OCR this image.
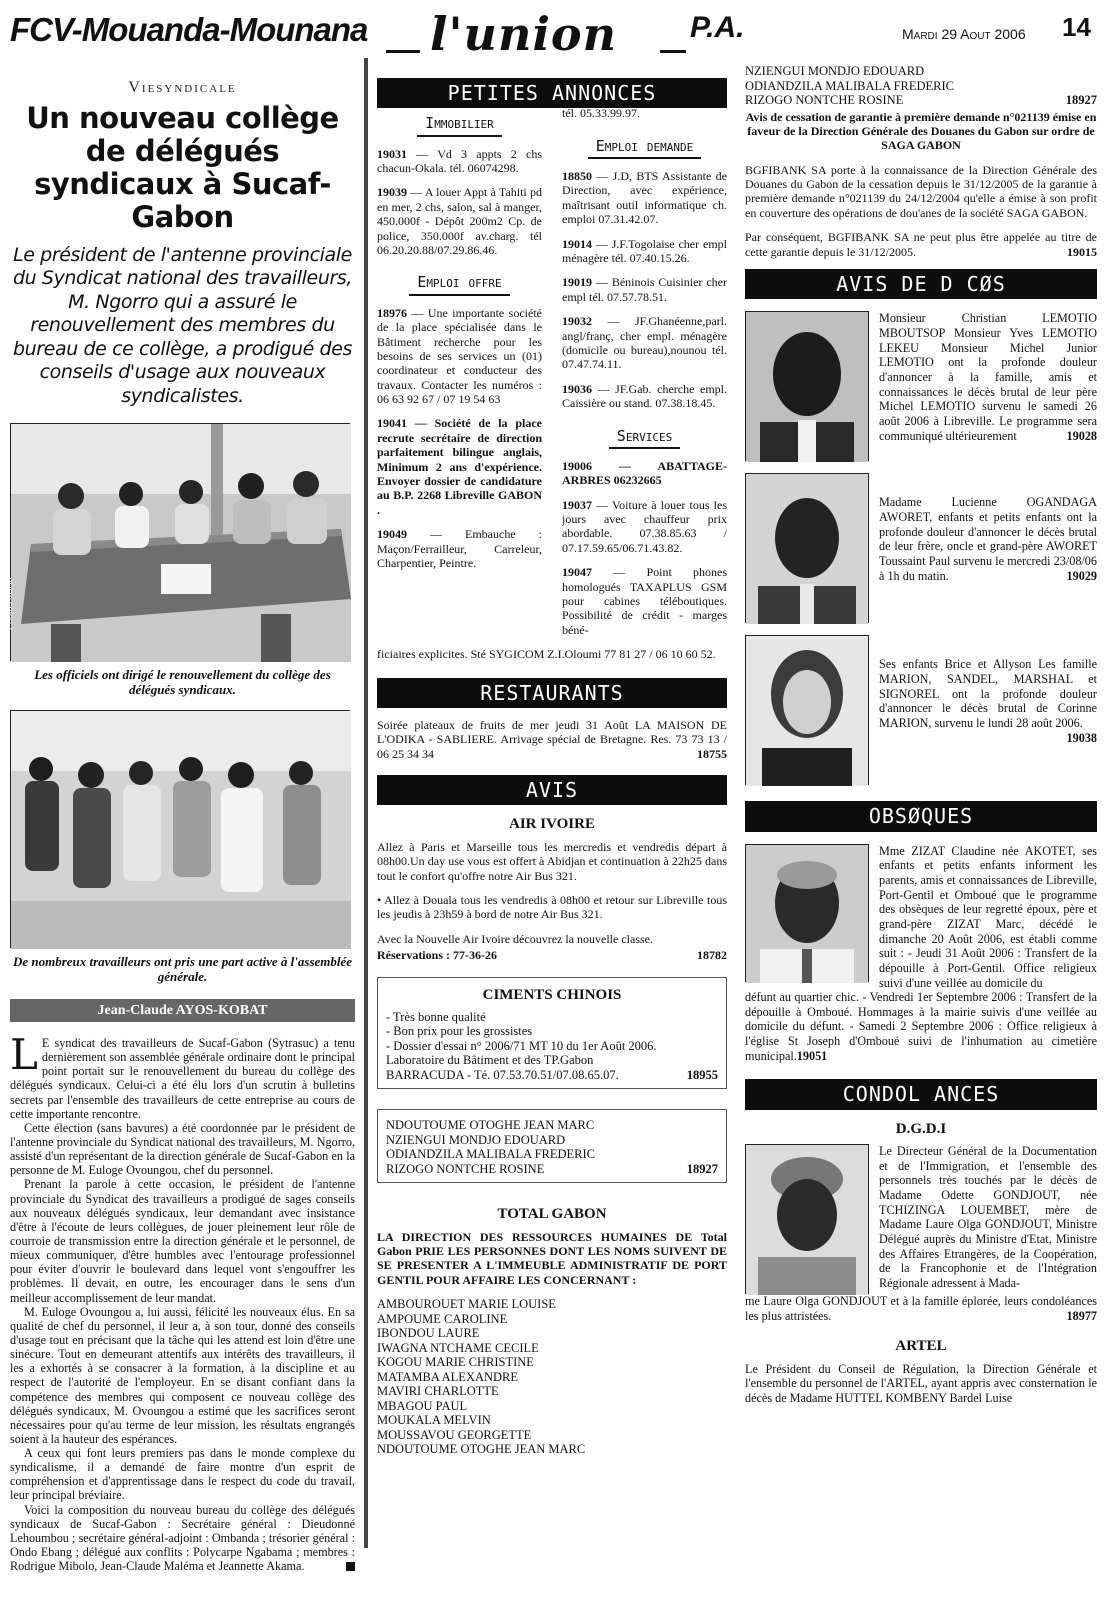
FCV-Mouanda-Mounana l'union P.A.	Mardi 29 Aout 2006 14
Viesyndicale
Un nouveau collège de délégués syndicaux à Sucaf-Gabon
Le président de l'antenne provinciale du Syndicat national des travailleurs, M. Ngorro qui a assuré le renouvellement des membres du bureau de ce collège, a prodigué des conseils d'usage aux nouveaux syndicalistes.
Photos JCAK
Les officiels ont dirigé le renouvellement du collège des délégués syndicaux.
De nombreux travailleurs ont pris une part active à l'assemblée générale.
Jean-Claude AYOS-KOBAT

L E syndicat des travailleurs de Sucaf-Gabon (Sytrasuc) a tenu dernièrement son assemblée générale ordinaire dont le principal point portait sur le renouvellement du bureau du collège des délégués syndicaux. Celui-ci a été élu lors d'un scrutin à bulletins secrets par l'ensemble des travailleurs de cette entreprise au cours de cette importante rencontre.

Cette élection (sans bavures) a été coordonnée par le président de l'antenne provinciale du Syndicat national des travailleurs, M. Ngorro, assisté d'un représentant de la direction générale de Sucaf-Gabon en la personne de M. Euloge Ovoungou, chef du personnel.

Prenant la parole à cette occasion, le président de l'antenne provinciale du Syndicat des travailleurs a prodigué de sages conseils aux nouveaux délégués syndicaux, leur demandant avec insistance d'être à l'écoute de leurs collègues, de jouer pleinement leur rôle de courroie de transmission entre la direction générale et le personnel, de mieux communiquer, d'être humbles avec l'entourage professionnel pour éviter d'ouvrir le boulevard dans lequel vont s'engouffrer les problèmes. Il devait, en outre, les encourager dans le sens d'un meilleur accomplissement de leur mandat.

M. Euloge Ovoungou a, lui aussi, félicité les nouveaux élus. En sa qualité de chef du personnel, il leur a, à son tour, donné des conseils d'usage tout en précisant que la tâche qui les attend est loin d'être une sinécure. Tout en demeurant attentifs aux intérêts des travailleurs, il les a exhortés à se consacrer à la formation, à la discipline et au respect de l'autorité de l'employeur. En se disant confiant dans la compétence des membres qui composent ce nouveau collège des délégués syndicaux, M. Ovoungou a estimé que les sacrifices seront nécessaires pour qu'au terme de leur mission, les résultats engrangés soient à la hauteur des espérances.

A ceux qui font leurs premiers pas dans le monde complexe du syndicalisme, il a demandé de faire montre d'un esprit de compréhension et d'apprentissage dans le respect du code du travail, leur principal bréviaire.

Voici la composition du nouveau bureau du collège des délégués syndicaux de Sucaf-Gabon : Secrétaire général : Dieudonné Lehoumbou ; secrétaire général-adjoint : Ombanda ; trésorier général : Ondo Ebang ; délégué aux conflits : Polycarpe Ngabama ; membres : Rodrigue Mibolo, Jean-Claude Maléma et Jeannette Akama.

PETITES ANNONCES
Immobilier
19031 — Vd 3 appts 2 chs chacun-Okala. tél. 06074298.
19039 — A louer Appt à Tahiti pd en mer, 2 chs, salon, sal à manger, 450.000f - Dépôt 200m2 Cp. de police, 350.000f av.charg. tél 06.20.20.88/07.29.86.46.
Emploi offre
18976 — Une importante société de la place spécialisée dans le Bâtiment recherche pour les besoins de ses services un (01) coordinateur et conducteur des travaux. Contacter les numéros : 06 63 92 67 / 07 19 54 63
19041 — Société de la place recrute secrétaire de direction parfaitement bilingue anglais, Minimum 2 ans d'expérience. Envoyer dossier de candidature au B.P. 2268 Libreville GABON .
19049 — Embauche : Maçon/Ferrailleur, Carreleur, Charpentier, Peintre.
tél. 05.33.99.97.
Emploi demande
18850 — J.D, BTS Assistante de Direction, avec expérience, maîtrisant outil informatique ch. emploi 07.31.42.07.
19014 — J.F.Togolaise cher empl ménagère tél. 07.40.15.26.
19019 — Béninois Cuisinier cher empl tél. 07.57.78.51.
19032 — JF.Ghanéenne,parl. angl/franç, cher empl. ménagère (domicile ou bureau),nounou tél. 07.47.74.11.
19036 — JF.Gab. cherche empl. Caissière ou stand. 07.38.18.45.
Services
19006 — ABATTAGE-ARBRES 06232665
19037 — Voiture à louer tous les jours avec chauffeur prix abordable. 07.38.85.63 / 07.17.59.65/06.71.43.82.
19047 — Point phones homologués TAXAPLUS GSM pour cabines téléboutiques. Possibilité de crédit - marges béné-
ficiaires explicites. Sté SYGICOM Z.I.Oloumi 77 81 27 / 06 10 60 52.
RESTAURANTS
Soirée plateaux de fruits de mer jeudi 31 Août LA MAISON DE L'ODIKA - SABLIERE. Arrivage spécial de Bretagne. Res. 73 73 13 / 06 25 34 34	18755
AVIS
AIR IVOIRE
Allez à Paris et Marseille tous les mercredis et vendredis départ à 08h00.Un day use vous est offert à Abidjan et continuation à 22h25 dans tout le confort qu'offre notre Air Bus 321.
• Allez à Douala tous les vendredis à 08h00 et retour sur Libreville tous les jeudis à 23h59 à bord de notre Air Bus 321.
Avec la Nouvelle Air Ivoire découvrez la nouvelle classe.
Réservations : 77-36-26	18782
CIMENTS CHINOIS
- Très bonne qualité
- Bon prix pour les grossistes
- Dossier d'essai n° 2006/71 MT 10 du 1er Août 2006.
Laboratoire du Bâtiment et des TP.Gabon
BARRACUDA - Té. 07.53.70.51/07.08.65.07.	18955
NDOUTOUME OTOGHE JEAN MARC
NZIENGUI MONDJO EDOUARD
ODIANDZILA MALIBALA FREDERIC
RIZOGO NONTCHE ROSINE	18927
TOTAL GABON
LA DIRECTION DES RESSOURCES HUMAINES DE Total Gabon PRIE LES PERSONNES DONT LES NOMS SUIVENT DE SE PRESENTER A L'IMMEUBLE ADMINISTRATIF DE PORT GENTIL POUR AFFAIRE LES CONCERNANT :
AMBOUROUET MARIE LOUISE
AMPOUME CAROLINE
IBONDOU LAURE
IWAGNA NTCHAME CECILE
KOGOU MARIE CHRISTINE
MATAMBA ALEXANDRE
MAVIRI CHARLOTTE
MBAGOU PAUL
MOUKALA MELVIN
MOUSSAVOU GEORGETTE
NDOUTOUME OTOGHE JEAN MARC
NZIENGUI MONDJO EDOUARD
ODIANDZILA MALIBALA FREDERIC
RIZOGO NONTCHE ROSINE	18927
Avis de cessation de garantie à première demande n°021139 émise en faveur de la Direction Générale des Douanes du Gabon sur ordre de SAGA GABON
BGFIBANK SA porte à la connaissance de la Direction Générale des Douanes du Gabon de la cessation depuis le 31/12/2005 de la garantie à première demande n°021139 du 24/12/2004 qu'elle a émise à son profit en couverture des opérations de dou'anes de la société SAGA GABON.
Par conséquent, BGFIBANK SA ne peut plus être appelée au titre de cette garantie depuis le 31/12/2005.	19015
AVIS DE D CØS
Monsieur Christian LEMOTIO MBOUTSOP Monsieur Yves LEMOTIO LEKEU Monsieur Michel Junior LEMOTIO ont la profonde douleur d'annoncer à la famille, amis et connaissances le décès brutal de leur père Michel LEMOTIO survenu le samedi 26 août 2006 à Libreville. Le programme sera communiqué ultérieurement	19028
Madame Lucienne OGANDAGA AWORET, enfants et petits enfants ont la profonde douleur d'annoncer le décès brutal de leur frère, oncle et grand-père AWORET Toussaint Paul survenu le mercredi 23/08/06 à 1h du matin.	19029
Ses enfants Brice et Allyson Les famille MARION, SANDEL, MARSHAL et SIGNOREL ont la profonde douleur d'annoncer le décès brutal de Corinne MARION, survenu le lundi 28 août 2006.
19038
OBSØQUES
Mme ZIZAT Claudine née AKOTET, ses enfants et petits enfants informent les parents, amis et connaissances de Libreville, Port-Gentil et Omboué que le programme des obsèques de leur regretté époux, père et grand-père ZIZAT Marc, décédé le dimanche 20 Août 2006, est établi comme suit : - Jeudi 31 Août 2006 : Transfert de la dépouille à Port-Gentil. Office religieux suivi d'une veillée au domicile du
défunt au quartier chic. - Vendredi 1er Septembre 2006 : Transfert de la dépouille à Omboué. Hommages à la mairie suivis d'une veillée au domicile du défunt. - Samedi 2 Septembre 2006 : Office religieux à l'église St Joseph d'Omboué suivi de l'inhumation au cimetière municipal.19051
CONDOL ANCES
D.G.D.I
Le Directeur Général de la Documentation et de l'Immigration, et l'ensemble des personnels très touchés par le décès de Madame Odette GONDJOUT, née TCHIZINGA LOUEMBET, mère de Madame Laure Olga GONDJOUT, Ministre Délégué auprès du Ministre d'Etat, Ministre des Affaires Etrangères, de la Coopération, de la Francophonie et de l'Intégration Régionale adressent à Mada-
me Laure Olga GONDJOUT et à la famille éplorée, leurs condoléances les plus attristées.	18977
ARTEL
Le Président du Conseil de Régulation, la Direction Générale et l'ensemble du personnel de l'ARTEL, ayant appris avec consternation le décès de Madame HUTTEL KOMBENY Bardel Luise
